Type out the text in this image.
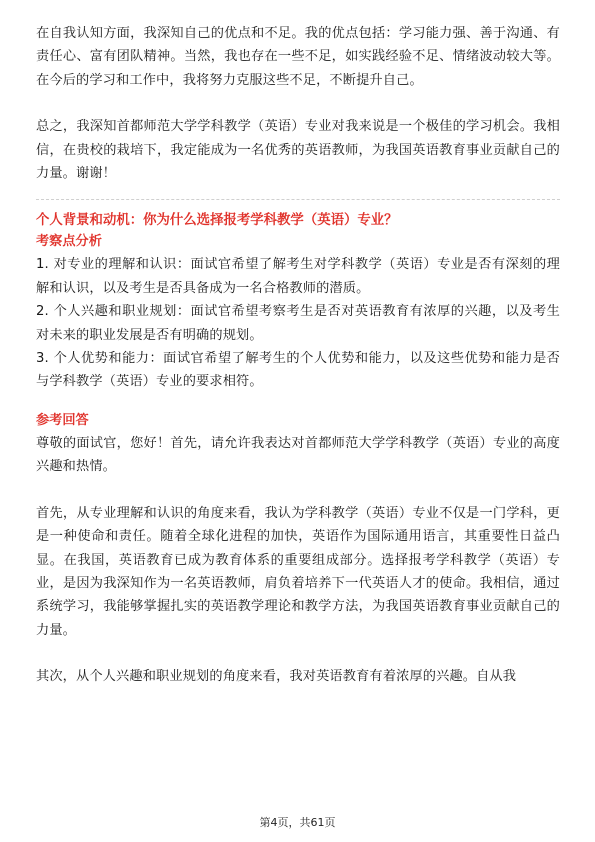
在自我认知方面，我深知自己的优点和不足。我的优点包括：学习能力强、善于沟通、有责任心、富有团队精神。当然，我也存在一些不足，如实践经验不足、情绪波动较大等。在今后的学习和工作中，我将努力克服这些不足，不断提升自己。

总之，我深知首都师范大学学科教学（英语）专业对我来说是一个极佳的学习机会。我相信，在贵校的栽培下，我定能成为一名优秀的英语教师，为我国英语教育事业贡献自己的力量。谢谢！

个人背景和动机：你为什么选择报考学科教学（英语）专业？
考察点分析

1. 对专业的理解和认识：面试官希望了解考生对学科教学（英语）专业是否有深刻的理解和认识，以及考生是否具备成为一名合格教师的潜质。

2. 个人兴趣和职业规划：面试官希望考察考生是否对英语教育有浓厚的兴趣，以及考生对未来的职业发展是否有明确的规划。

3. 个人优势和能力：面试官希望了解考生的个人优势和能力，以及这些优势和能力是否与学科教学（英语）专业的要求相符。

参考回答

尊敬的面试官，您好！首先，请允许我表达对首都师范大学学科教学（英语）专业的高度兴趣和热情。

首先，从专业理解和认识的角度来看，我认为学科教学（英语）专业不仅是一门学科，更是一种使命和责任。随着全球化进程的加快，英语作为国际通用语言，其重要性日益凸显。在我国，英语教育已成为教育体系的重要组成部分。选择报考学科教学（英语）专业，是因为我深知作为一名英语教师，肩负着培养下一代英语人才的使命。我相信，通过系统学习，我能够掌握扎实的英语教学理论和教学方法，为我国英语教育事业贡献自己的力量。

其次，从个人兴趣和职业规划的角度来看，我对英语教育有着浓厚的兴趣。自从我

第4页，共61页
